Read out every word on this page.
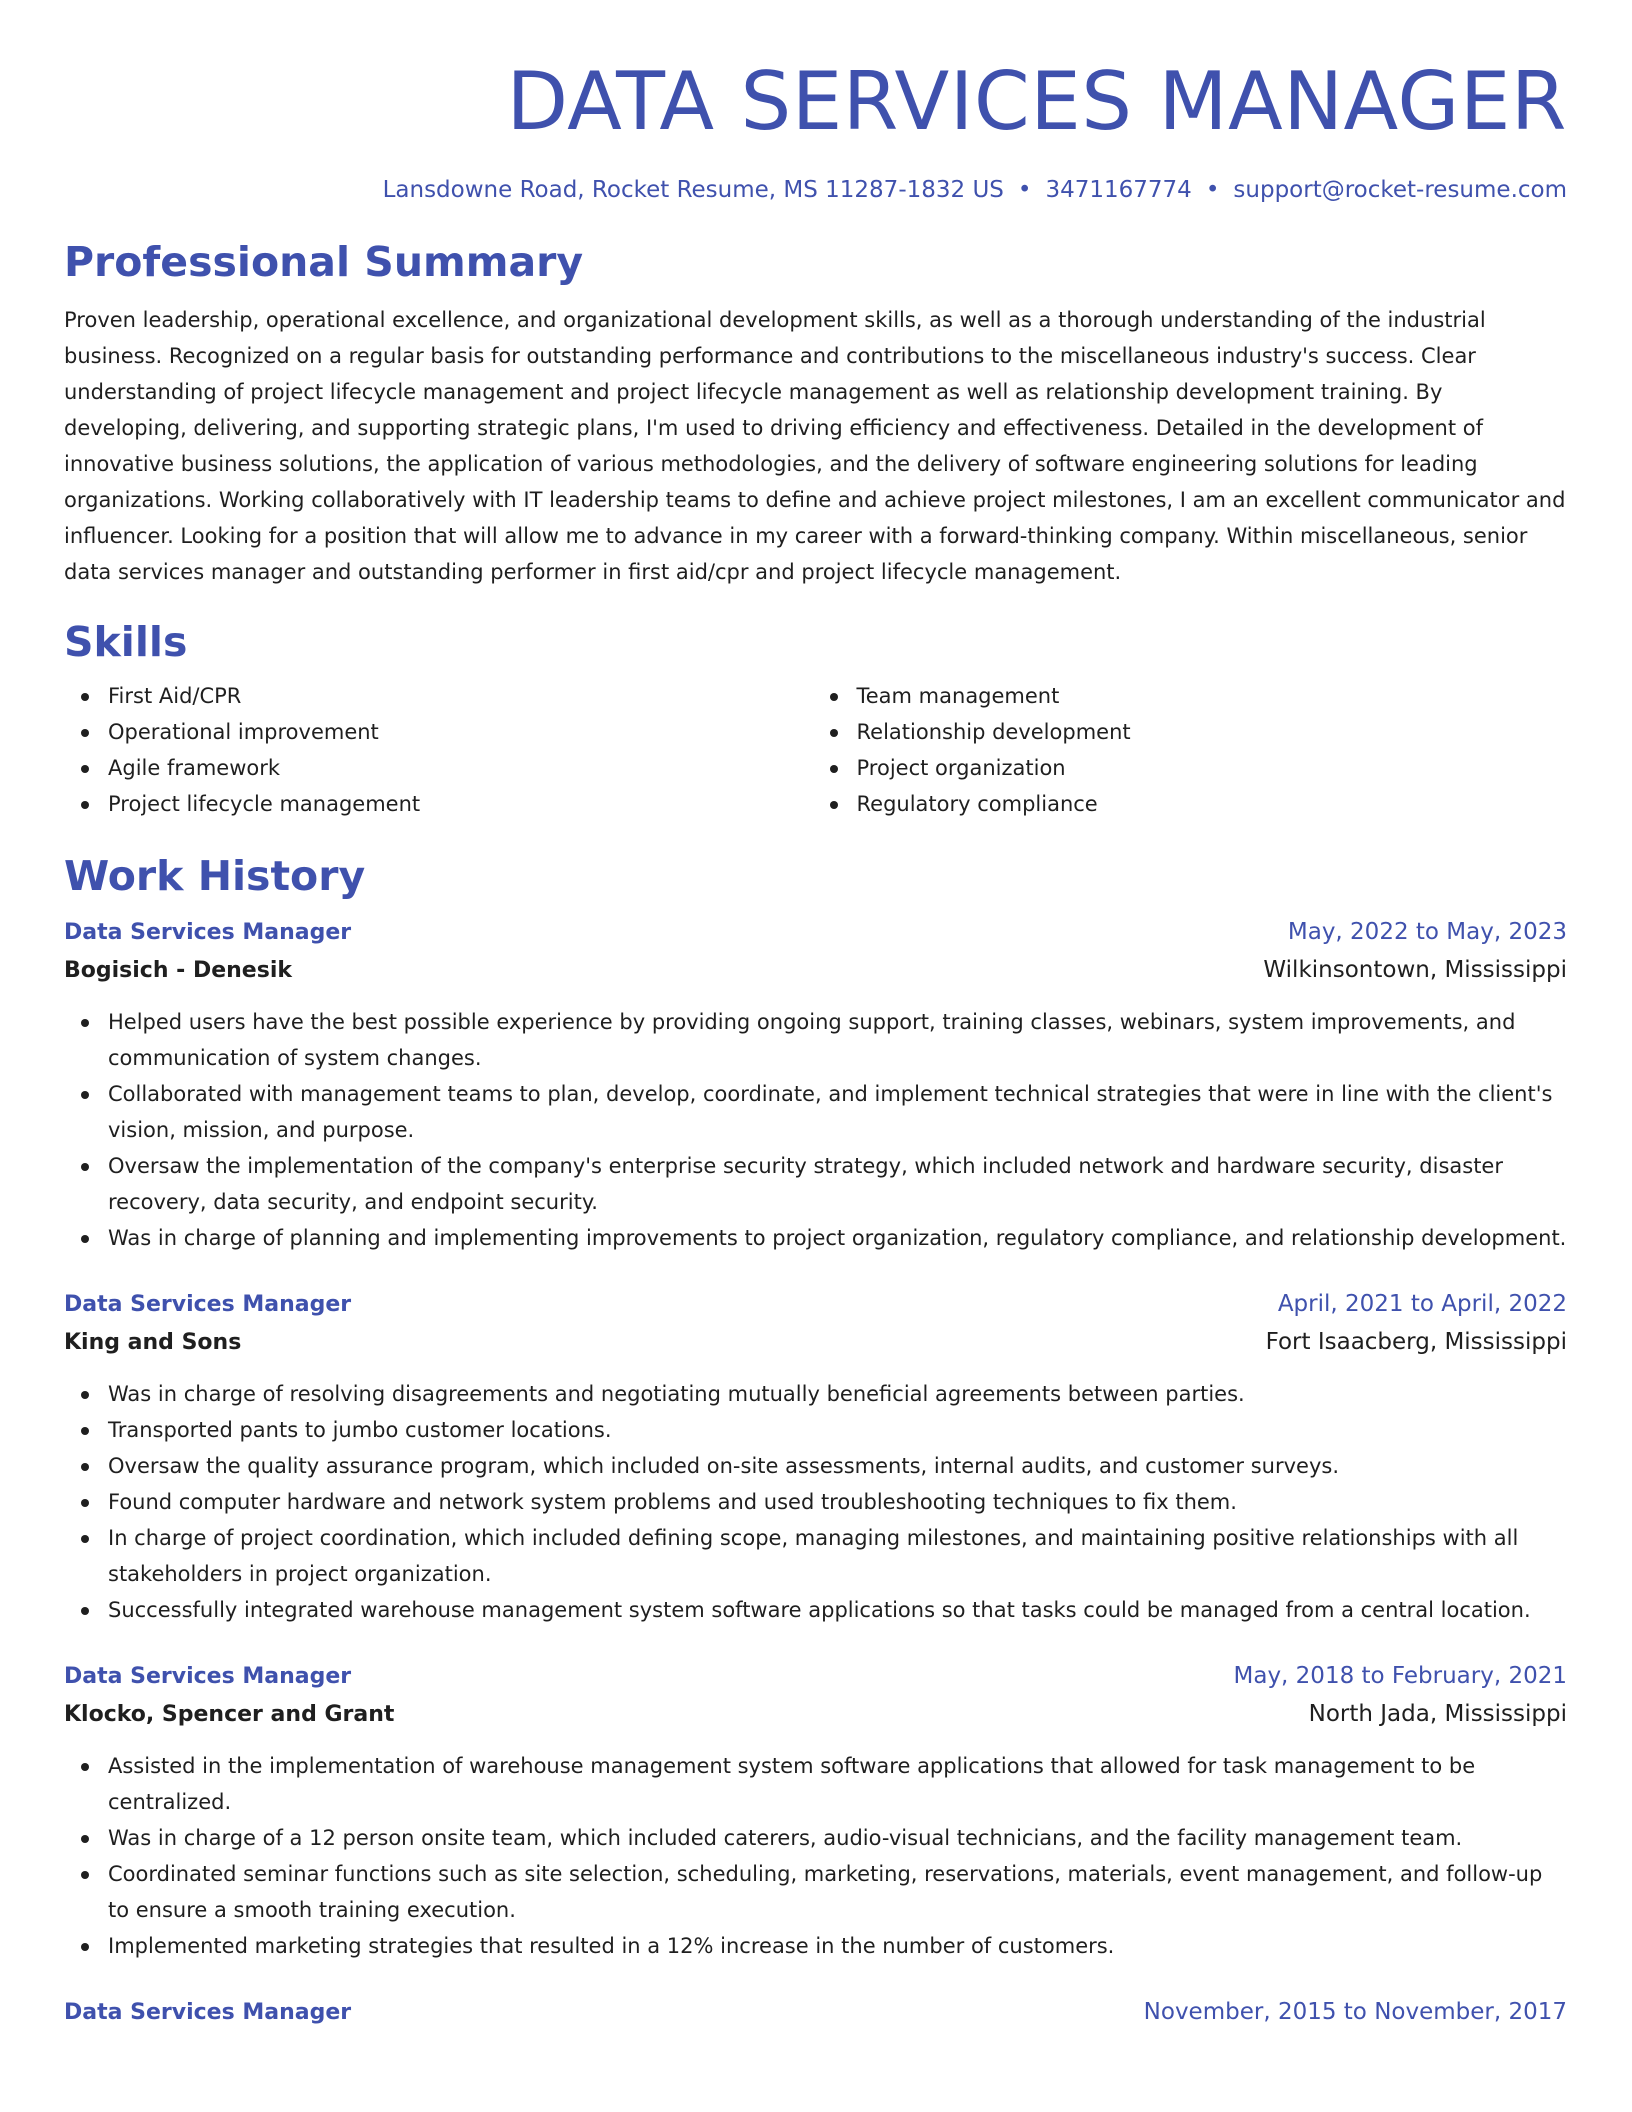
DATA SERVICES MANAGER
Lansdowne Road, Rocket Resume, MS 11287-1832 US • 3471167774 • support@rocket-resume.com
Professional Summary
Proven leadership, operational excellence, and organizational development skills, as well as a thorough understanding of the industrial business. Recognized on a regular basis for outstanding performance and contributions to the miscellaneous industry's success. Clear understanding of project lifecycle management and project lifecycle management as well as relationship development training. By developing, delivering, and supporting strategic plans, I'm used to driving efficiency and effectiveness. Detailed in the development of innovative business solutions, the application of various methodologies, and the delivery of software engineering solutions for leading organizations. Working collaboratively with IT leadership teams to define and achieve project milestones, I am an excellent communicator and influencer. Looking for a position that will allow me to advance in my career with a forward-thinking company. Within miscellaneous, senior data services manager and outstanding performer in first aid/cpr and project lifecycle management.
Skills
First Aid/CPR
Operational improvement
Agile framework
Project lifecycle management
Team management
Relationship development
Project organization
Regulatory compliance
Work History
Data Services Manager	May, 2022 to May, 2023
Bogisich - Denesik	Wilkinsontown, Mississippi
Helped users have the best possible experience by providing ongoing support, training classes, webinars, system improvements, and communication of system changes.
Collaborated with management teams to plan, develop, coordinate, and implement technical strategies that were in line with the client's vision, mission, and purpose.
Oversaw the implementation of the company's enterprise security strategy, which included network and hardware security, disaster recovery, data security, and endpoint security.
Was in charge of planning and implementing improvements to project organization, regulatory compliance, and relationship development.
Data Services Manager	April, 2021 to April, 2022
King and Sons	Fort Isaacberg, Mississippi
Was in charge of resolving disagreements and negotiating mutually beneficial agreements between parties.
Transported pants to jumbo customer locations.
Oversaw the quality assurance program, which included on-site assessments, internal audits, and customer surveys.
Found computer hardware and network system problems and used troubleshooting techniques to fix them.
In charge of project coordination, which included defining scope, managing milestones, and maintaining positive relationships with all stakeholders in project organization.
Successfully integrated warehouse management system software applications so that tasks could be managed from a central location.
Data Services Manager	May, 2018 to February, 2021
Klocko, Spencer and Grant	North Jada, Mississippi
Assisted in the implementation of warehouse management system software applications that allowed for task management to be centralized.
Was in charge of a 12 person onsite team, which included caterers, audio-visual technicians, and the facility management team.
Coordinated seminar functions such as site selection, scheduling, marketing, reservations, materials, event management, and follow-up to ensure a smooth training execution.
Implemented marketing strategies that resulted in a 12% increase in the number of customers.
Data Services Manager	November, 2015 to November, 2017
